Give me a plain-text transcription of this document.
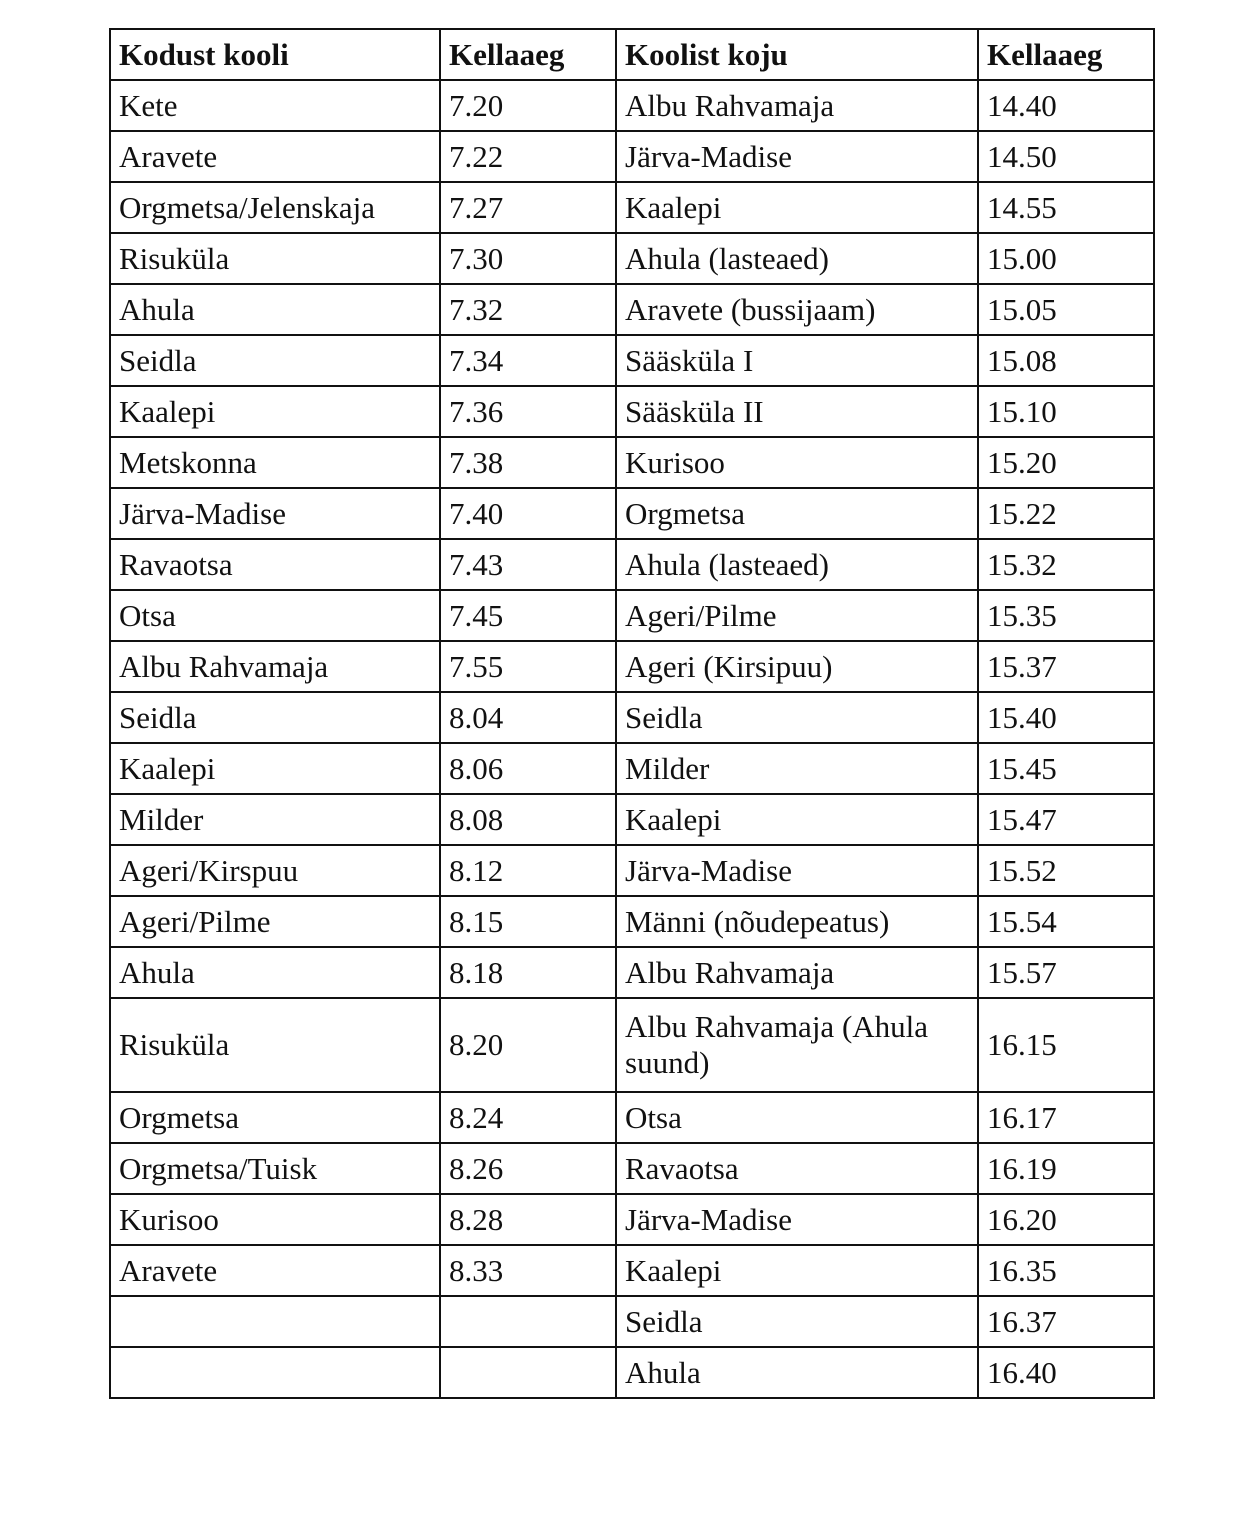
Kodust kooli	Kellaaeg	Koolist koju	Kellaaeg
Kete	7.20	Albu Rahvamaja	14.40
Aravete	7.22	Järva-Madise	14.50
Orgmetsa/Jelenskaja	7.27	Kaalepi	14.55
Risuküla	7.30	Ahula (lasteaed)	15.00
Ahula	7.32	Aravete (bussijaam)	15.05
Seidla	7.34	Sääsküla I	15.08
Kaalepi	7.36	Sääsküla II	15.10
Metskonna	7.38	Kurisoo	15.20
Järva-Madise	7.40	Orgmetsa	15.22
Ravaotsa	7.43	Ahula (lasteaed)	15.32
Otsa	7.45	Ageri/Pilme	15.35
Albu Rahvamaja	7.55	Ageri (Kirsipuu)	15.37
Seidla	8.04	Seidla	15.40
Kaalepi	8.06	Milder	15.45
Milder	8.08	Kaalepi	15.47
Ageri/Kirspuu	8.12	Järva-Madise	15.52
Ageri/Pilme	8.15	Männi (nõudepeatus)	15.54
Ahula	8.18	Albu Rahvamaja	15.57
Risuküla	8.20	Albu Rahvamaja (Ahula suund)	16.15
Orgmetsa	8.24	Otsa	16.17
Orgmetsa/Tuisk	8.26	Ravaotsa	16.19
Kurisoo	8.28	Järva-Madise	16.20
Aravete	8.33	Kaalepi	16.35
		Seidla	16.37
		Ahula	16.40
